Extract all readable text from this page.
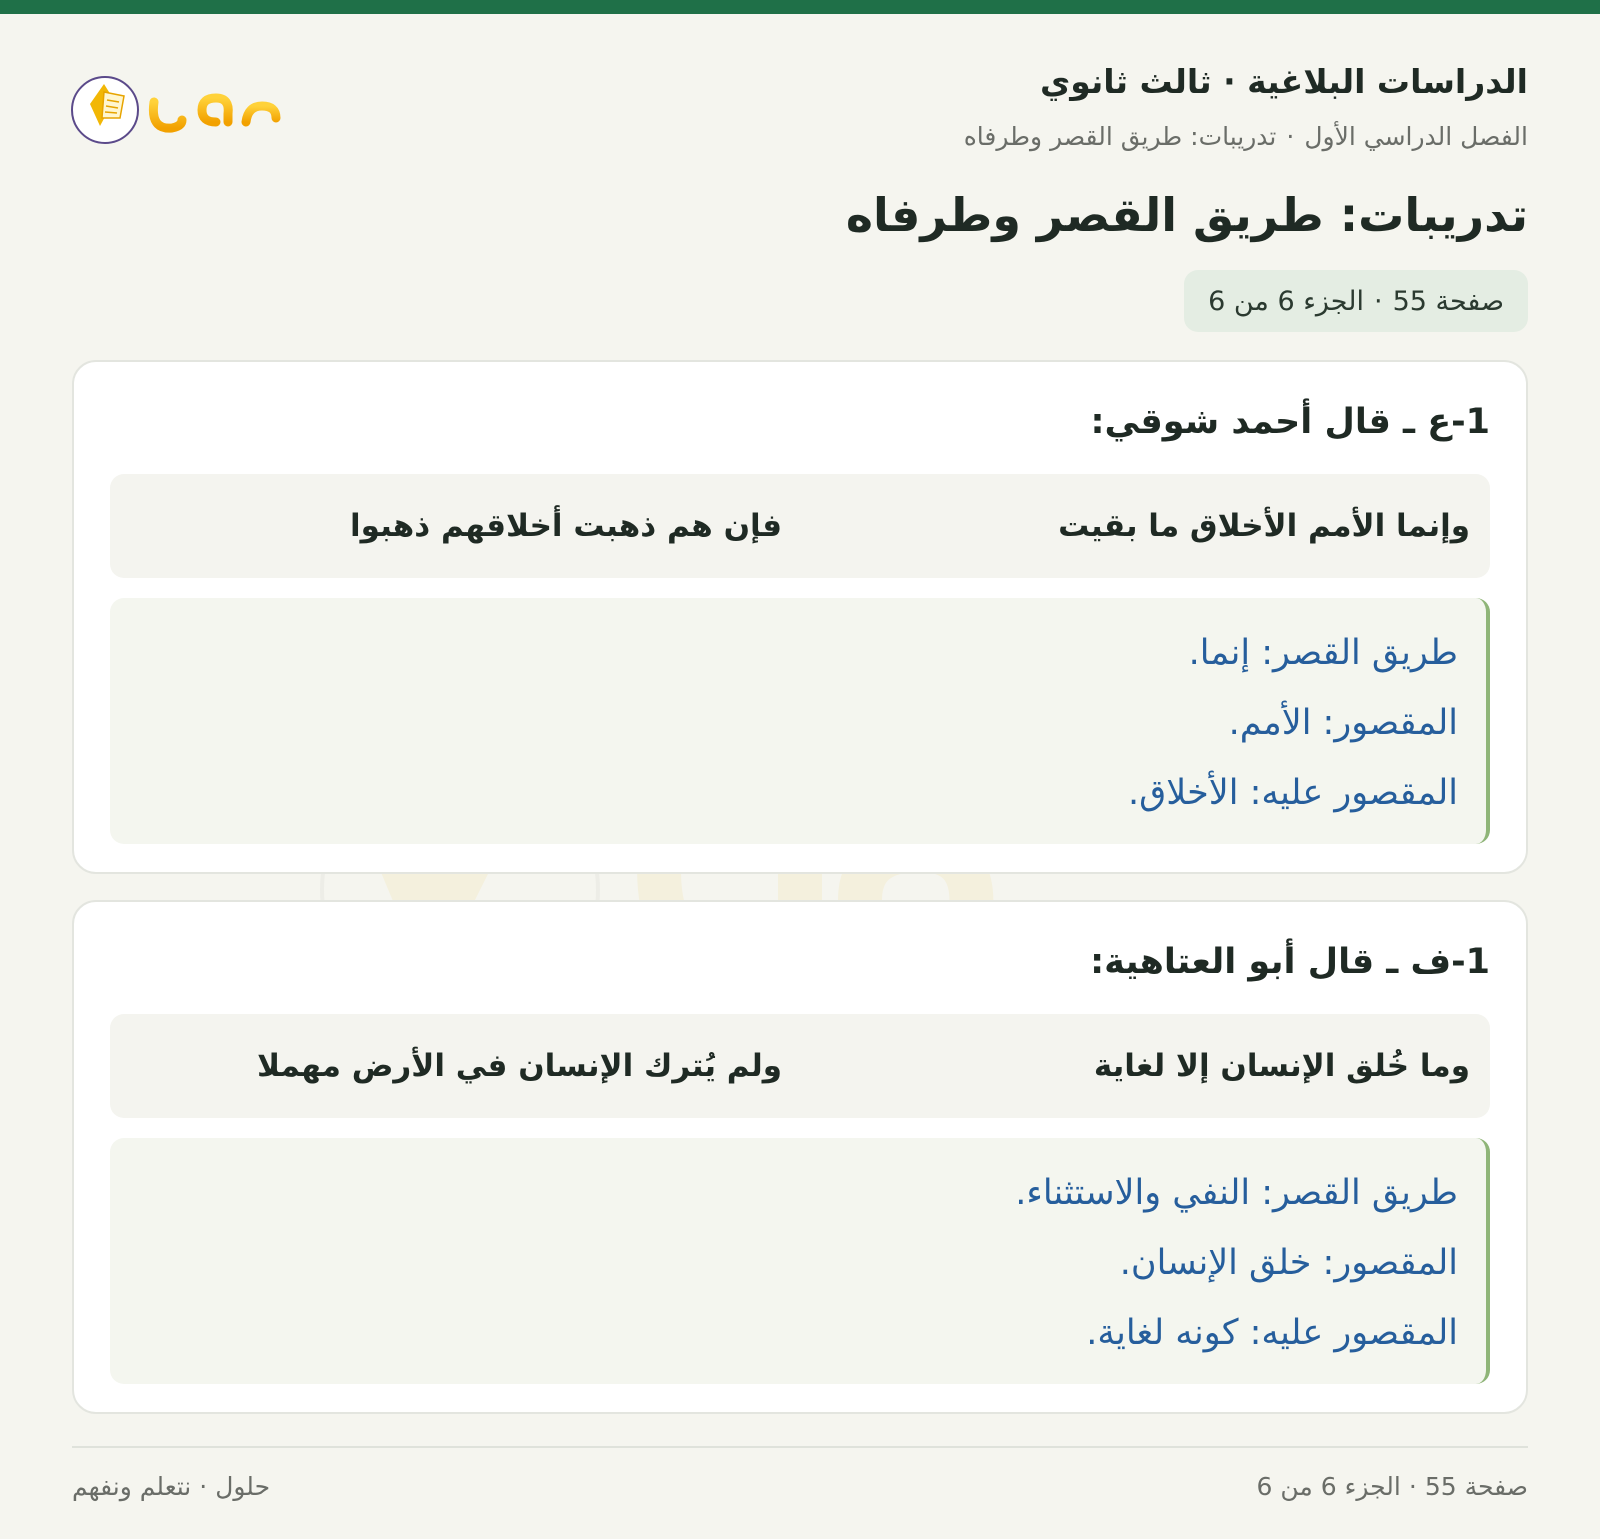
الدراسات البلاغية · ثالث ثانوي
الفصل الدراسي الأول·تدريبات: طريق القصر وطرفاه
تدريبات: طريق القصر وطرفاه
صفحة 55
·
الجزء 6 من 6
1-ع ـ قال أحمد شوقي:
وإنما الأمم الأخلاق ما بقيت
فإن هم ذهبت أخلاقهم ذهبوا

طريق القصر: إنما.

المقصور: الأمم.

المقصور عليه: الأخلاق.

1-ف ـ قال أبو العتاهية:
وما خُلق الإنسان إلا لغاية
ولم يُترك الإنسان في الأرض مهملا

طريق القصر: النفي والاستثناء.

المقصور: خلق الإنسان.

المقصور عليه: كونه لغاية.

صفحة 55·الجزء 6 من 6
حلول·نتعلم ونفهم
